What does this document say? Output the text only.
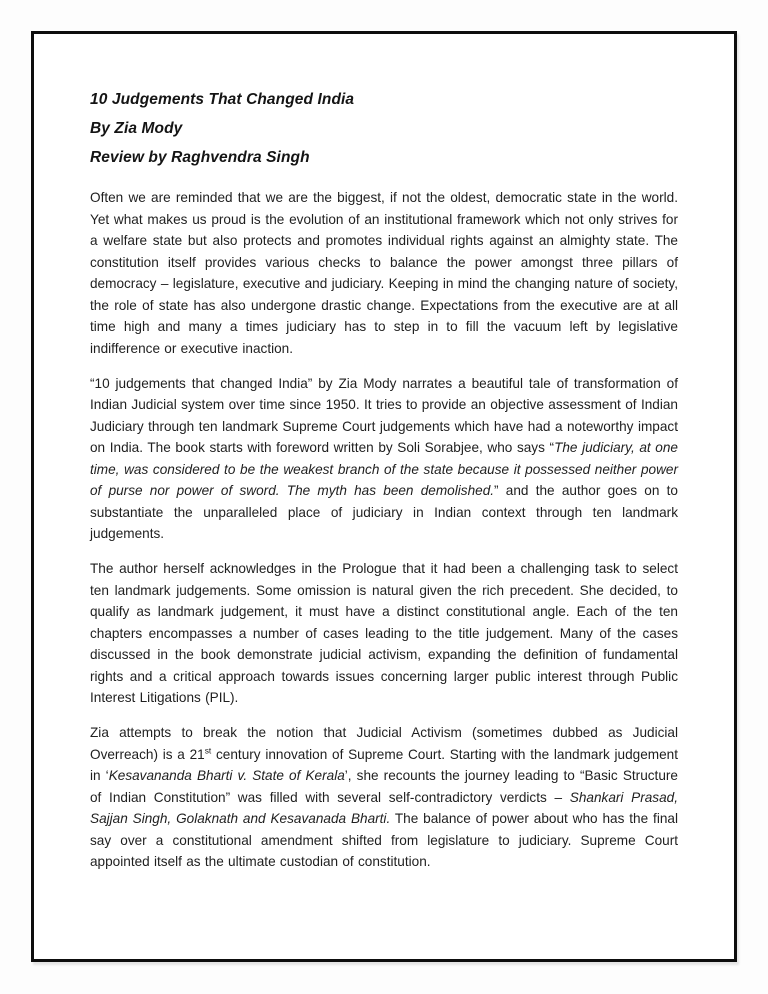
10 Judgements That Changed India

By Zia Mody

Review by Raghvendra Singh

Often we are reminded that we are the biggest, if not the oldest, democratic state in the world. Yet what makes us proud is the evolution of an institutional framework which not only strives for a welfare state but also protects and promotes individual rights against an almighty state. The constitution itself provides various checks to balance the power amongst three pillars of democracy – legislature, executive and judiciary. Keeping in mind the changing nature of society, the role of state has also undergone drastic change. Expectations from the executive are at all time high and many a times judiciary has to step in to fill the vacuum left by legislative indifference or executive inaction.

“10 judgements that changed India” by Zia Mody narrates a beautiful tale of transformation of Indian Judicial system over time since 1950. It tries to provide an objective assessment of Indian Judiciary through ten landmark Supreme Court judgements which have had a noteworthy impact on India. The book starts with foreword written by Soli Sorabjee, who says “The judiciary, at one time, was considered to be the weakest branch of the state because it possessed neither power of purse nor power of sword. The myth has been demolished.” and the author goes on to substantiate the unparalleled place of judiciary in Indian context through ten landmark judgements.

The author herself acknowledges in the Prologue that it had been a challenging task to select ten landmark judgements. Some omission is natural given the rich precedent. She decided, to qualify as landmark judgement, it must have a distinct constitutional angle. Each of the ten chapters encompasses a number of cases leading to the title judgement. Many of the cases discussed in the book demonstrate judicial activism, expanding the definition of fundamental rights and a critical approach towards issues concerning larger public interest through Public Interest Litigations (PIL).

Zia attempts to break the notion that Judicial Activism (sometimes dubbed as Judicial Overreach) is a 21st century innovation of Supreme Court. Starting with the landmark judgement in ‘Kesavananda Bharti v. State of Kerala’, she recounts the journey leading to “Basic Structure of Indian Constitution” was filled with several self-contradictory verdicts – Shankari Prasad, Sajjan Singh, Golaknath and Kesavanada Bharti. The balance of power about who has the final say over a constitutional amendment shifted from legislature to judiciary. Supreme Court appointed itself as the ultimate custodian of constitution.
